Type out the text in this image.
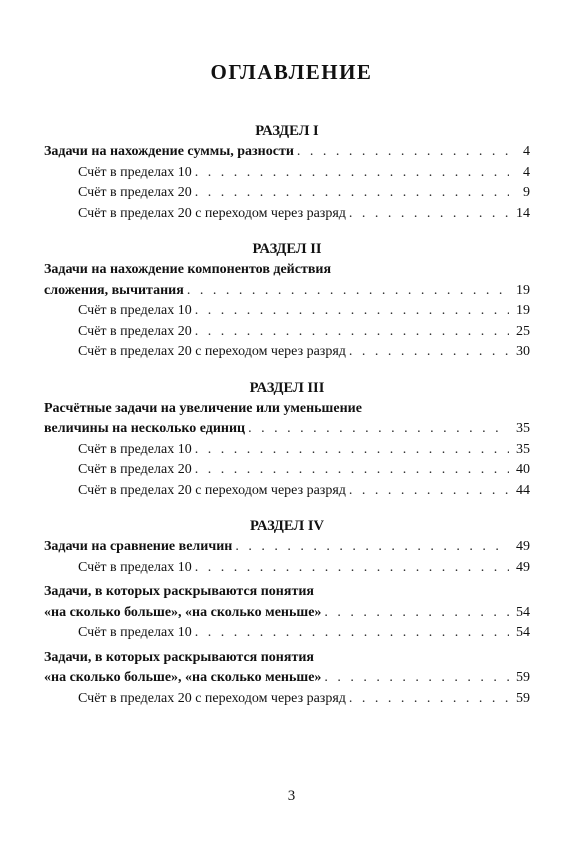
ОГЛАВЛЕНИЕ
РАЗДЕЛ I
Задачи на нахождение суммы, разности . . .	4
Счёт в пределах 10 . . .	4
Счёт в пределах 20 . . .	9
Счёт в пределах 20 с переходом через разряд . . .	14
РАЗДЕЛ II
Задачи на нахождение компонентов действия
сложения, вычитания . . .	19
Счёт в пределах 10 . . .	19
Счёт в пределах 20 . . .	25
Счёт в пределах 20 с переходом через разряд . . .	30
РАЗДЕЛ III
Расчётные задачи на увеличение или уменьшение
величины на несколько единиц . . .	35
Счёт в пределах 10 . . .	35
Счёт в пределах 20 . . .	40
Счёт в пределах 20 с переходом через разряд . . .	44
РАЗДЕЛ IV
Задачи на сравнение величин . . .	49
Счёт в пределах 10 . . .	49
Задачи, в которых раскрываются понятия
«на сколько больше», «на сколько меньше» . . .	54
Счёт в пределах 10 . . .	54
Задачи, в которых раскрываются понятия
«на сколько больше», «на сколько меньше» . . .	59
Счёт в пределах 20 с переходом через разряд . . .	59
3
